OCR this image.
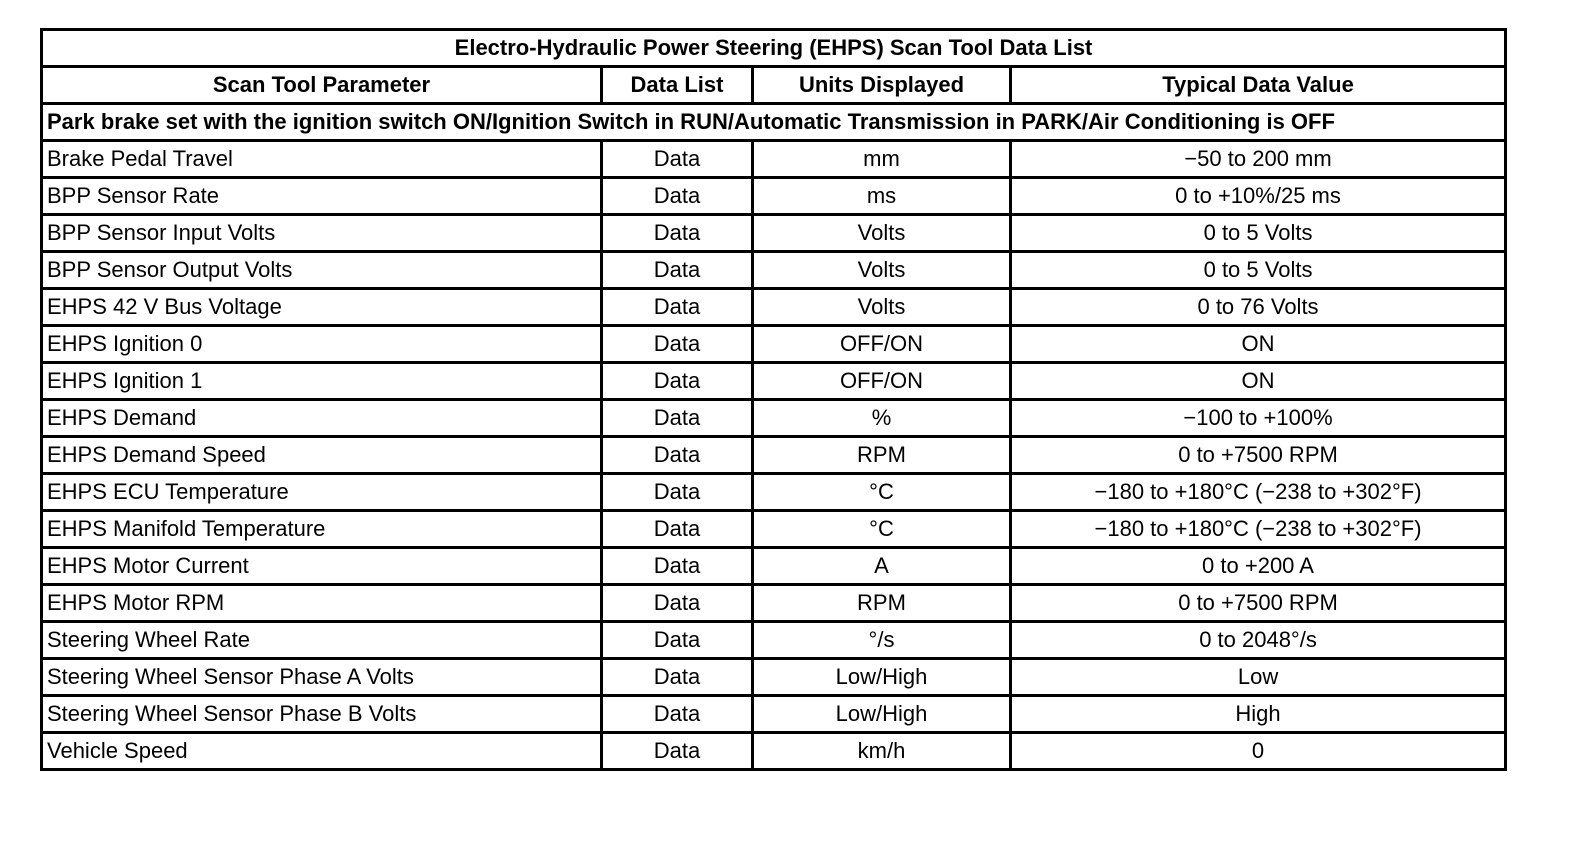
Electro-Hydraulic Power Steering (EHPS) Scan Tool Data List			
Scan Tool Parameter	Data List	Units Displayed	Typical Data Value
Park brake set with the ignition switch ON/Ignition Switch in RUN/Automatic Transmission in PARK/Air Conditioning is OFF			
Brake Pedal Travel	Data	mm	−50 to 200 mm
BPP Sensor Rate	Data	ms	0 to +10%/25 ms
BPP Sensor Input Volts	Data	Volts	0 to 5 Volts
BPP Sensor Output Volts	Data	Volts	0 to 5 Volts
EHPS 42 V Bus Voltage	Data	Volts	0 to 76 Volts
EHPS Ignition 0	Data	OFF/ON	ON
EHPS Ignition 1	Data	OFF/ON	ON
EHPS Demand	Data	%	−100 to +100%
EHPS Demand Speed	Data	RPM	0 to +7500 RPM
EHPS ECU Temperature	Data	°C	−180 to +180°C (−238 to +302°F)
EHPS Manifold Temperature	Data	°C	−180 to +180°C (−238 to +302°F)
EHPS Motor Current	Data	A	0 to +200 A
EHPS Motor RPM	Data	RPM	0 to +7500 RPM
Steering Wheel Rate	Data	°/s	0 to 2048°/s
Steering Wheel Sensor Phase A Volts	Data	Low/High	Low
Steering Wheel Sensor Phase B Volts	Data	Low/High	High
Vehicle Speed	Data	km/h	0
